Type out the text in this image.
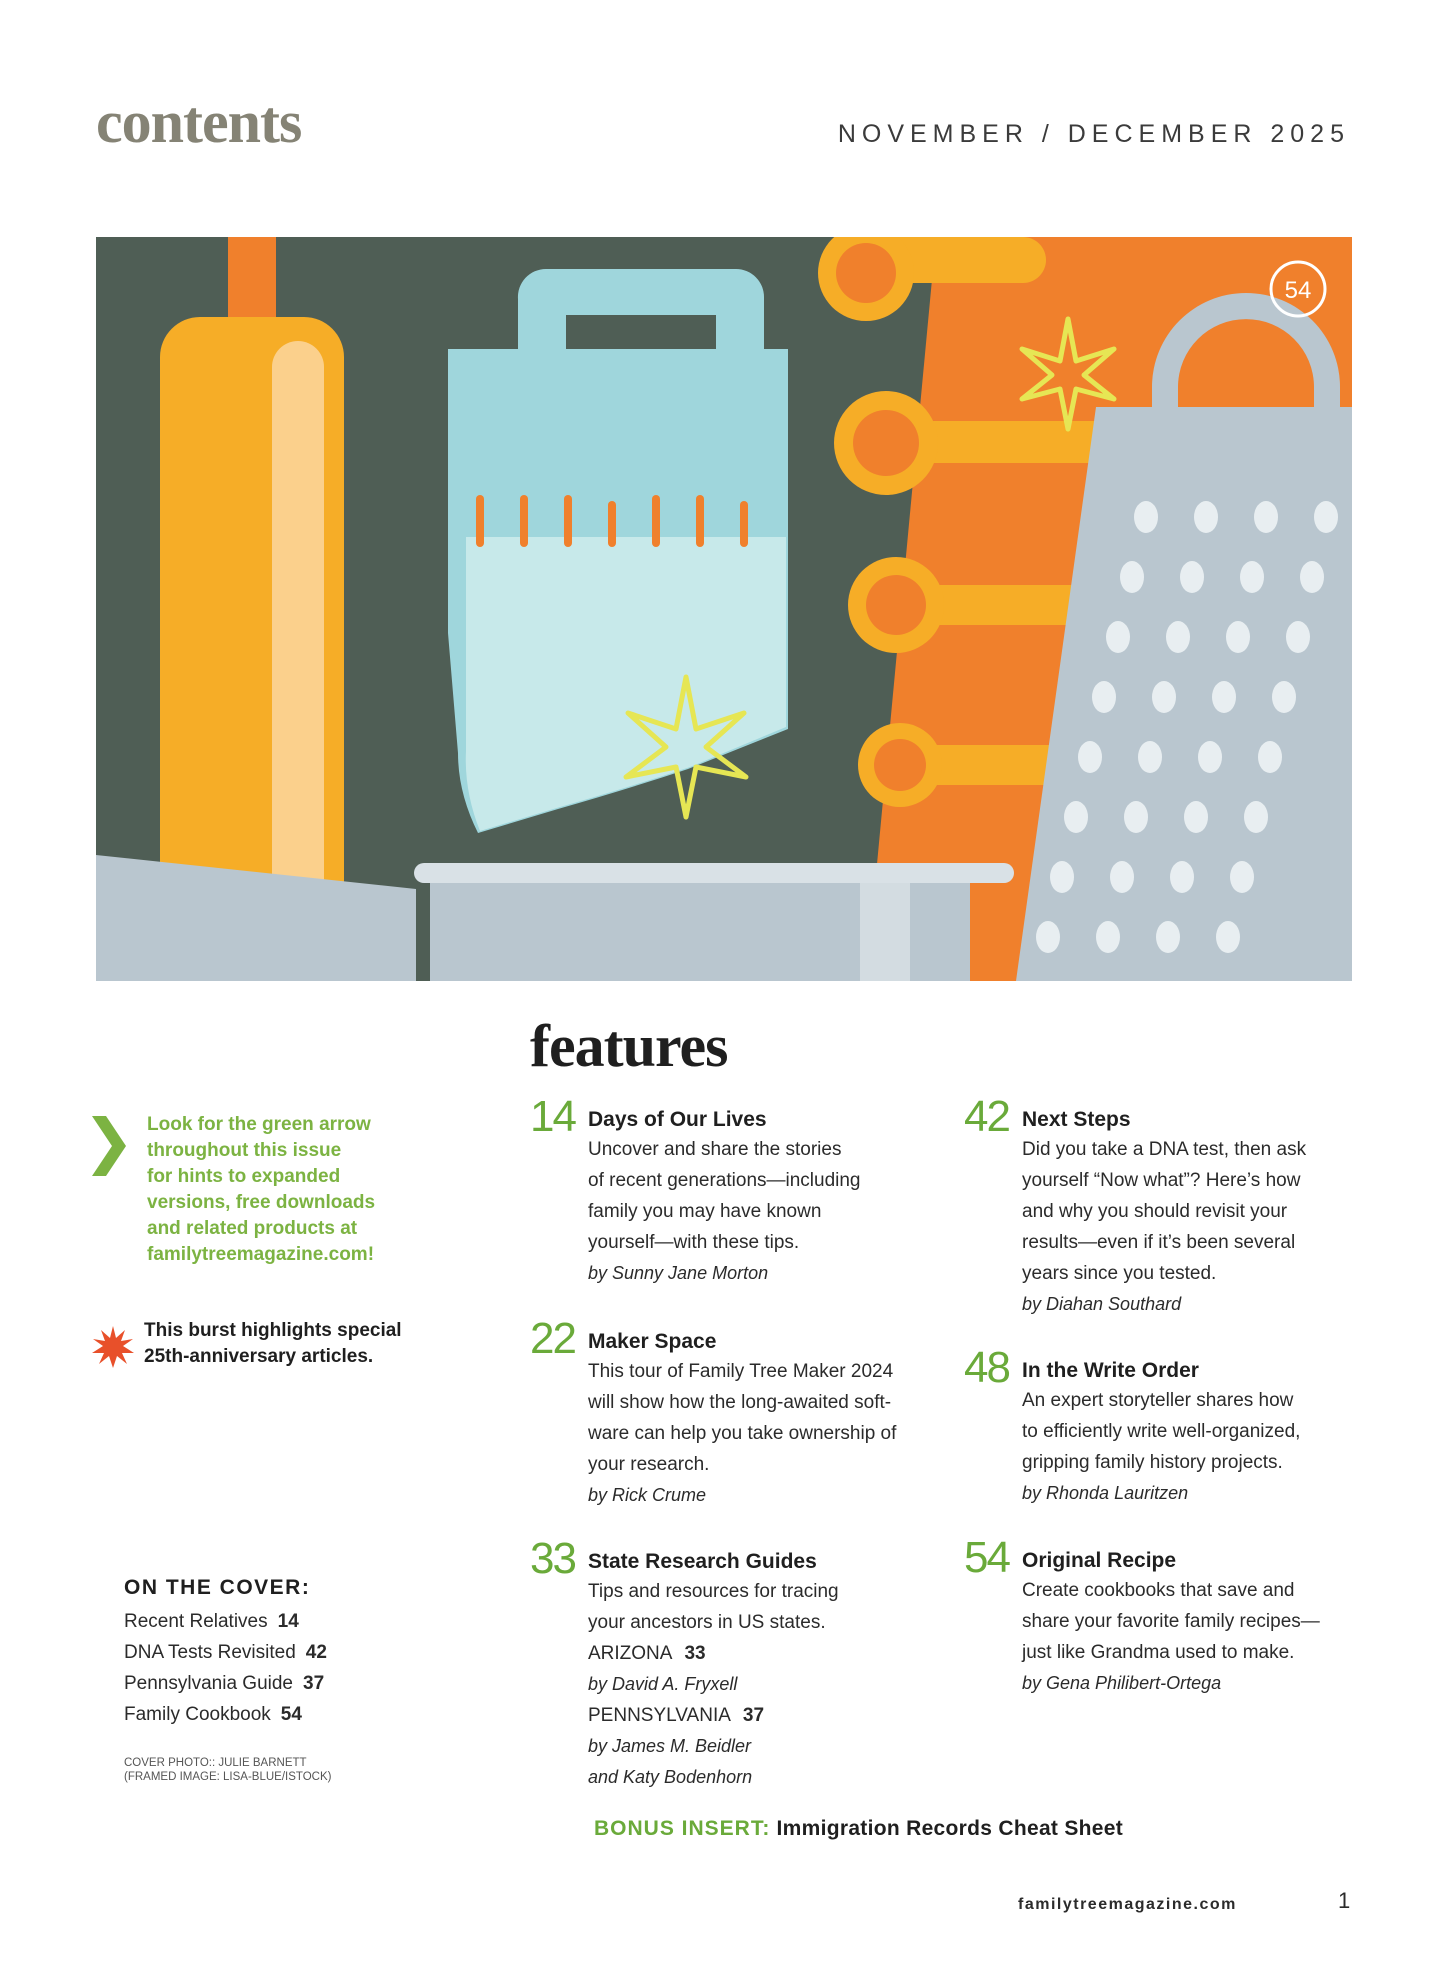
contents	NOVEMBER / DECEMBER 2025
54
features
Look for the green arrow
throughout this issue
for hints to expanded
versions, free downloads
and related products at
familytreemagazine.com!
This burst highlights special
25th-anniversary articles.
14 Days of Our Lives
Uncover and share the stories
of recent generations—including
family you may have known
yourself—with these tips.
by Sunny Jane Morton
22 Maker Space
This tour of Family Tree Maker 2024
will show how the long-awaited soft-
ware can help you take ownership of
your research.
by Rick Crume
33 State Research Guides
Tips and resources for tracing
your ancestors in US states.
ARIZONA 33
by David A. Fryxell
PENNSYLVANIA 37
by James M. Beidler
and Katy Bodenhorn
42 Next Steps
Did you take a DNA test, then ask
yourself “Now what”? Here’s how
and why you should revisit your
results—even if it’s been several
years since you tested.
by Diahan Southard
48 In the Write Order
An expert storyteller shares how
to efficiently write well-organized,
gripping family history projects.
by Rhonda Lauritzen
54 Original Recipe
Create cookbooks that save and
share your favorite family recipes—
just like Grandma used to make.
by Gena Philibert-Ortega
ON THE COVER:
Recent Relatives 14
DNA Tests Revisited 42
Pennsylvania Guide 37
Family Cookbook 54
COVER PHOTO:: JULIE BARNETT
(FRAMED IMAGE: LISA-BLUE/ISTOCK)
BONUS INSERT: Immigration Records Cheat Sheet
familytreemagazine.com	1
